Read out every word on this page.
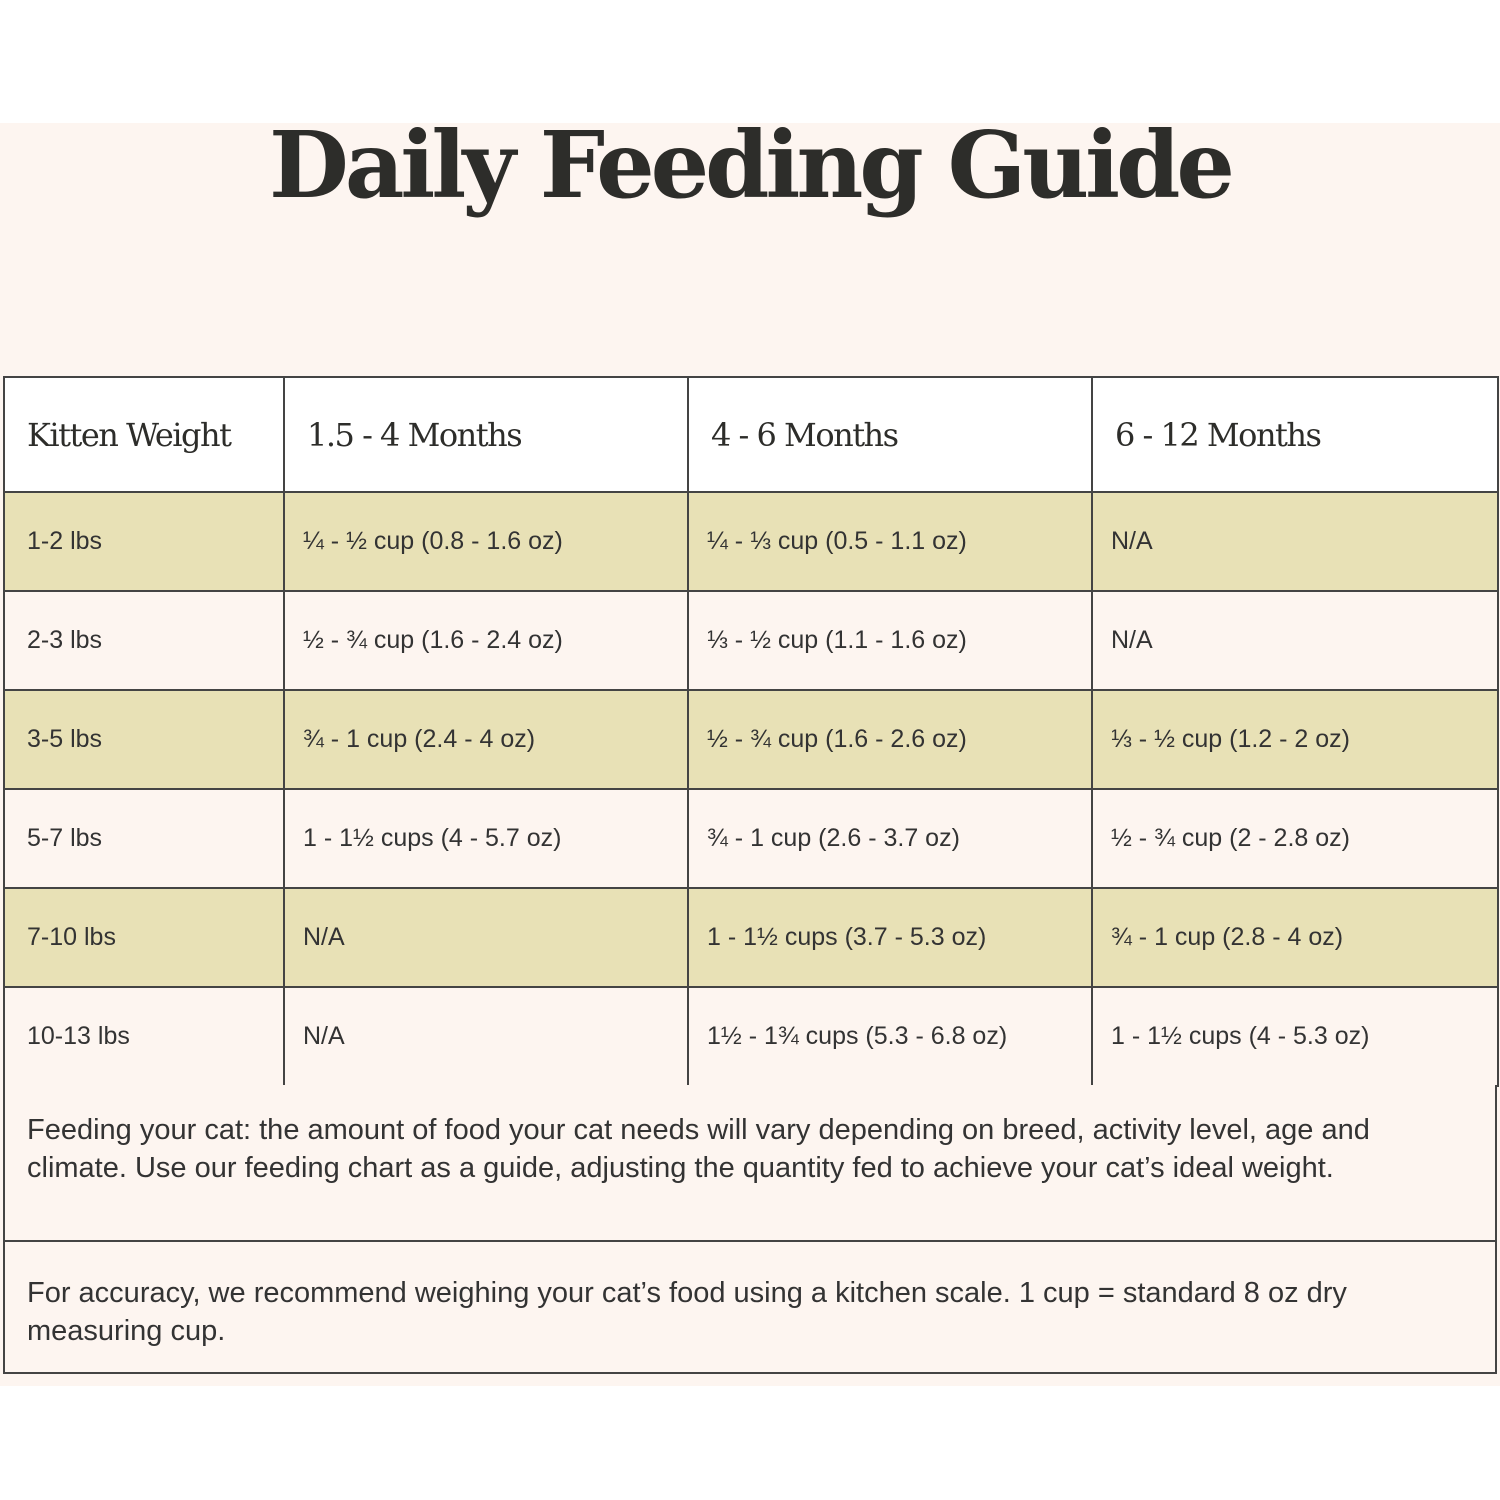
Daily Feeding Guide
Kitten Weight	1.5 - 4 Months	4 - 6 Months	6 - 12 Months
1-2 lbs	¼ - ½ cup (0.8 - 1.6 oz)	¼ - ⅓ cup (0.5 - 1.1 oz)	N/A
2-3 lbs	½ - ¾ cup (1.6 - 2.4 oz)	⅓ - ½ cup (1.1 - 1.6 oz)	N/A
3-5 lbs	¾ - 1 cup (2.4 - 4 oz)	½ - ¾ cup (1.6 - 2.6 oz)	⅓ - ½ cup (1.2 - 2 oz)
5-7 lbs	1 - 1½ cups (4 - 5.7 oz)	¾ - 1 cup (2.6 - 3.7 oz)	½ - ¾ cup (2 - 2.8 oz)
7-10 lbs	N/A	1 - 1½ cups (3.7 - 5.3 oz)	¾ - 1 cup (2.8 - 4 oz)
10-13 lbs	N/A	1½ - 1¾ cups (5.3 - 6.8 oz)	1 - 1½ cups (4 - 5.3 oz)
Feeding your cat: the amount of food your cat needs will vary depending on breed, activity level, age and climate. Use our feeding chart as a guide, adjusting the quantity fed to achieve your cat’s ideal weight.
For accuracy, we recommend weighing your cat’s food using a kitchen scale. 1 cup = standard 8 oz dry measuring cup.
